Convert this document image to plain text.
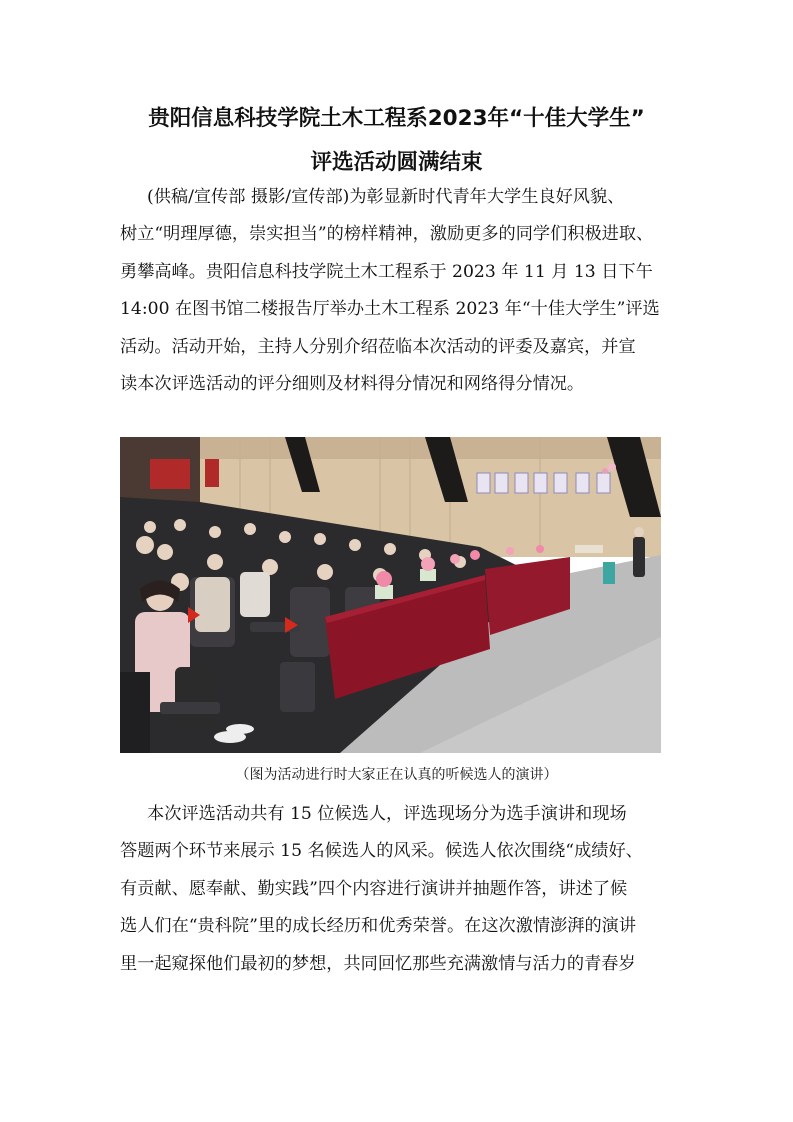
贵阳信息科技学院土木工程系2023年“十佳大学生”
评选活动圆满结束
(供稿/宣传部 摄影/宣传部)为彰显新时代青年大学生良好风貌、
树立“明理厚德，崇实担当”的榜样精神，激励更多的同学们积极进取、
勇攀高峰。贵阳信息科技学院土木工程系于 2023 年 11 月 13 日下午
14:00 在图书馆二楼报告厅举办土木工程系 2023 年“十佳大学生”评选
活动。活动开始，主持人分别介绍莅临本次活动的评委及嘉宾，并宣
读本次评选活动的评分细则及材料得分情况和网络得分情况。

（图为活动进行时大家正在认真的听候选人的演讲）

本次评选活动共有 15 位候选人，评选现场分为选手演讲和现场
答题两个环节来展示 15 名候选人的风采。候选人依次围绕“成绩好、
有贡献、愿奉献、勤实践”四个内容进行演讲并抽题作答，讲述了候
选人们在“贵科院”里的成长经历和优秀荣誉。在这次激情澎湃的演讲
里一起窥探他们最初的梦想，共同回忆那些充满激情与活力的青春岁
